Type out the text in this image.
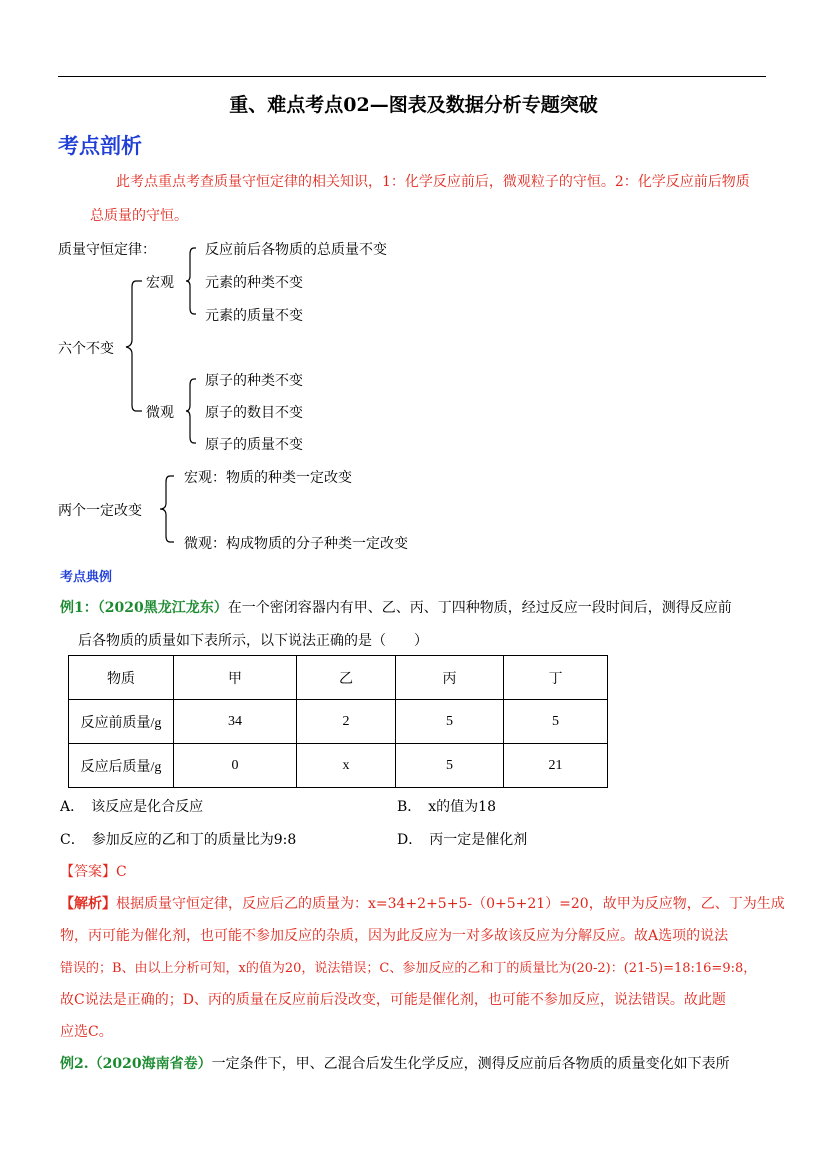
重、难点考点02—图表及数据分析专题突破
考点剖析
此考点重点考查质量守恒定律的相关知识，1：化学反应前后，微观粒子的守恒。2：化学反应前后物质
总质量的守恒。
质量守恒定律：
六个不变
宏观
微观
反应前后各物质的总质量不变
元素的种类不变
元素的质量不变
原子的种类不变
原子的数目不变
原子的质量不变
两个一定改变
宏观：物质的种类一定改变
微观：构成物质的分子种类一定改变
考点典例
例1：（2020黑龙江龙东）在一个密闭容器内有甲、乙、丙、丁四种物质，经过反应一段时间后，测得反应前
后各物质的质量如下表所示，以下说法正确的是（　　）
物质	甲	乙	丙	丁
反应前质量/g	34	2	5	5
反应后质量/g	0	x	5	21
A．　该反应是化合反应	B．　x的值为18
C．　参加反应的乙和丁的质量比为9:8	D．　丙一定是催化剂
【答案】C
【解析】根据质量守恒定律，反应后乙的质量为：x=34+2+5+5-（0+5+21）=20，故甲为反应物，乙、丁为生成
物，丙可能为催化剂，也可能不参加反应的杂质，因为此反应为一对多故该反应为分解反应。故A选项的说法
错误的；B、由以上分析可知，x的值为20，说法错误；C、参加反应的乙和丁的质量比为(20-2)：(21-5)=18:16=9:8，
故C说法是正确的；D、丙的质量在反应前后没改变，可能是催化剂，也可能不参加反应，说法错误。故此题
应选C。
例2.（2020海南省卷）一定条件下，甲、乙混合后发生化学反应，测得反应前后各物质的质量变化如下表所
